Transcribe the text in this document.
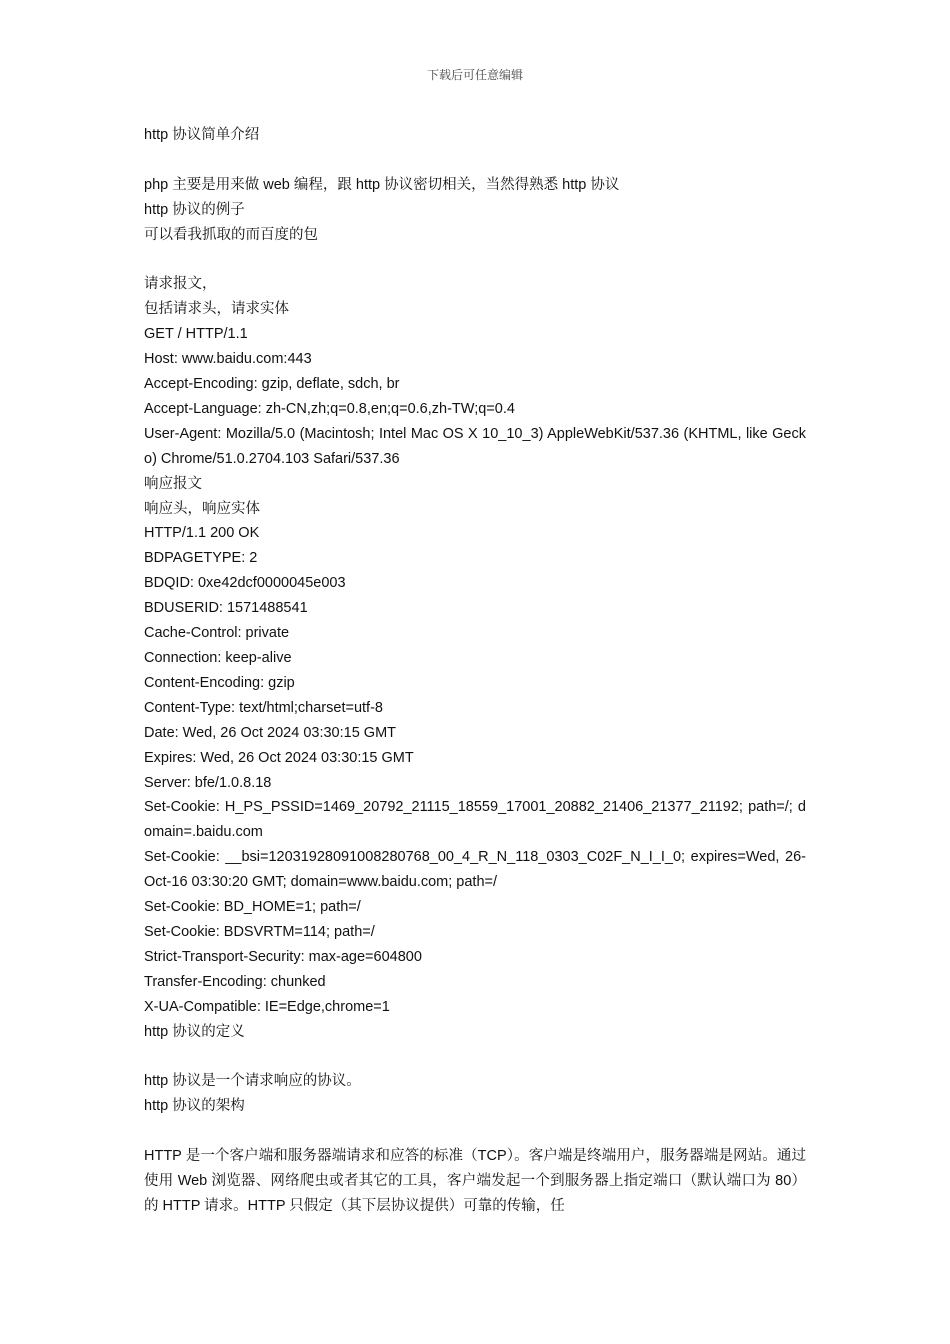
下载后可任意编辑
http 协议简单介绍
php 主要是用来做 web 编程，跟 http 协议密切相关，当然得熟悉 http 协议
http 协议的例子
可以看我抓取的而百度的包
请求报文，
包括请求头，请求实体
GET / HTTP/1.1
Host: www.baidu.com:443
Accept-Encoding: gzip, deflate, sdch, br
Accept-Language: zh-CN,zh;q=0.8,en;q=0.6,zh-TW;q=0.4
User-Agent: Mozilla/5.0 (Macintosh; Intel Mac OS X 10_10_3) AppleWebKit/537.36 (KHTML, like Gecko) Chrome/51.0.2704.103 Safari/537.36
响应报文
响应头，响应实体
HTTP/1.1 200 OK
BDPAGETYPE: 2
BDQID: 0xe42dcf0000045e003
BDUSERID: 1571488541
Cache-Control: private
Connection: keep-alive
Content-Encoding: gzip
Content-Type: text/html;charset=utf-8
Date: Wed, 26 Oct 2024 03:30:15 GMT
Expires: Wed, 26 Oct 2024 03:30:15 GMT
Server: bfe/1.0.8.18
Set-Cookie: H_PS_PSSID=1469_20792_21115_18559_17001_20882_21406_21377_21192; path=/; domain=.baidu.com
Set-Cookie: __bsi=12031928091008280768_00_4_R_N_118_0303_C02F_N_I_I_0; expires=Wed, 26-Oct-16 03:30:20 GMT; domain=www.baidu.com; path=/
Set-Cookie: BD_HOME=1; path=/
Set-Cookie: BDSVRTM=114; path=/
Strict-Transport-Security: max-age=604800
Transfer-Encoding: chunked
X-UA-Compatible: IE=Edge,chrome=1
http 协议的定义
http 协议是一个请求响应的协议。
http 协议的架构
HTTP 是一个客户端和服务器端请求和应答的标准（TCP）。客户端是终端用户，服务器端是网站。通过使用 Web 浏览器、网络爬虫或者其它的工具，客户端发起一个到服务器上指定端口（默认端口为 80）的 HTTP 请求。HTTP 只假定（其下层协议提供）可靠的传输，任
